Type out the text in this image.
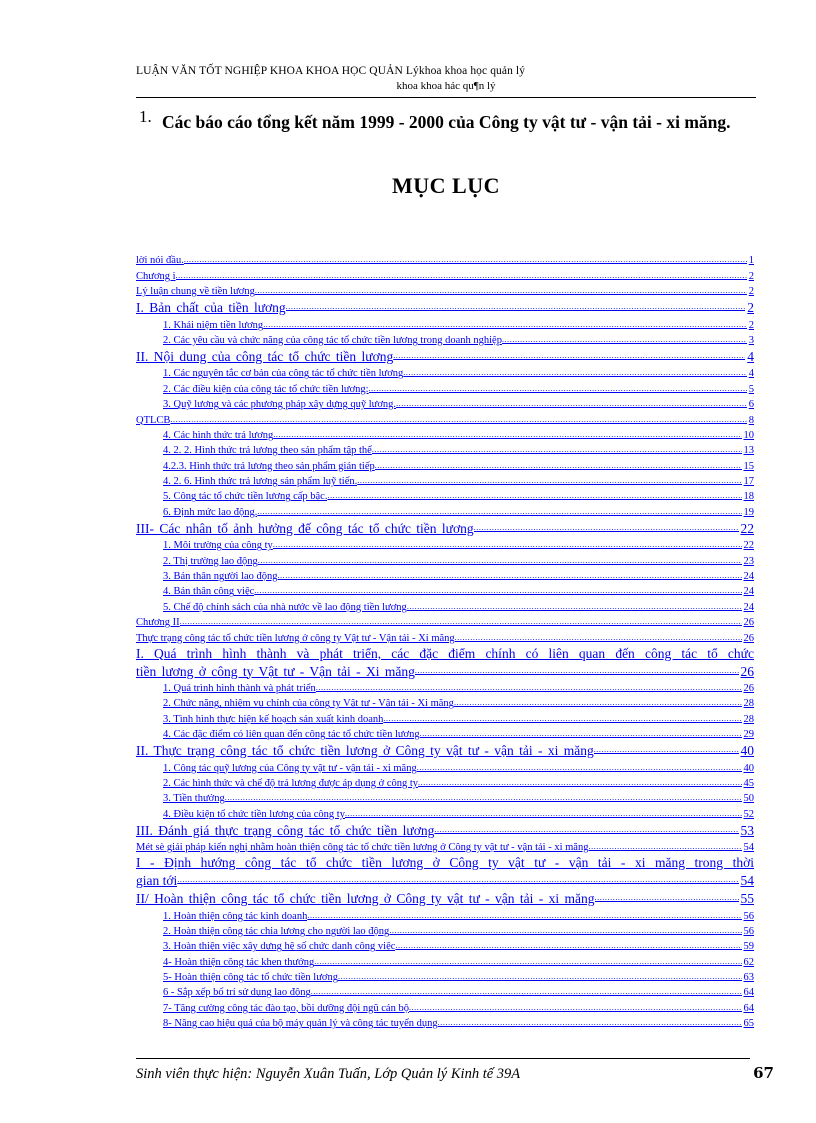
LUẬN VĂN TỐT NGHIỆP KHOA KHOA HỌC QUẢN Lýkhoa khoa học quản lý
khoa khoa hảc qu¶n lý
1. Các báo cáo tổng kết năm 1999 - 2000 của Công ty vật tư - vận tải - xi măng.
MỤC LỤC
lời nói đầu. .....	1
Chương i .....	2
Lý luận chung về tiền lương .....	2
I. Bản chất của tiền lương .....	2
1. Khái niệm tiền lương .....	2
2. Các yêu cầu và chức năng của công tác tổ chức tiền lương trong doanh nghiệp .....	3
II. Nội dung của công tác tổ chức tiền lương .....	4
1. Các nguyên tắc cơ bản của công tác tổ chức tiền lương .....	4
2. Các điều kiện của công tác tổ chức tiền lương: .....	5
3. Quỹ lương và các phương pháp xây dựng quỹ lương. .....	6
QTLCB .....	8
4. Các hình thức trả lương .....	10
4. 2. 2. Hình thức trả lương theo sản phẩm tập thể .....	13
4.2.3. Hình thức trả lương theo sản phẩm gián tiếp .....	15
4. 2. 6. Hình thức trả lương sản phẩm luỹ tiến. .....	17
5. Công tác tổ chức tiền lương cấp bậc. .....	18
6. Định mức lao động. .....	19
III- Các nhân tố ảnh hưởng đế công tác tổ chức tiền lương .....	22
1. Môi trường của công ty .....	22
2. Thị trường lao động .....	23
3. Bản thân người lao động .....	24
4. Bản thân công việc .....	24
5. Chế độ chính sách của nhà nước về lao động tiền lương .....	24
Chương II .....	26
Thực trạng công tác tổ chức tiền lương ở công ty Vật tư - Vận tải - Xi măng .....	26
I. Quá trình hình thành và phát triển, các đặc điểm chính có liên quan đến công tác tổ chức
tiền lương ở công ty Vật tư - Vận tải - Xi măng .....	26
1. Quá trình hình thành và phát triển .....	26
2. Chức năng, nhiệm vụ chính của công ty Vật tư - Vận tải - Xi măng .....	28
3. Tình hình thực hiện kế hoạch sản xuất kinh doanh .....	28
4. Các đặc điểm có liên quan đến công tác tổ chức tiền lương .....	29
II. Thực trạng công tác tổ chức tiền lương ở Công ty vật tư - vận tải - xi măng .....	40
1. Công tác quỹ lương của Công ty vật tư - vận tải - xi măng .....	40
2. Các hình thức và chế độ trả lương được áp dụng ở công ty .....	45
3. Tiền thưởng .....	50
4. Điều kiện tổ chức tiền lương của công ty .....	52
III. Đánh giá thực trạng công tác tổ chức tiền lương .....	53
Mét sè giải pháp kiến nghị nhằm hoàn thiện công tác tổ chức tiền lương ở Công ty vật tư - vận tải - xi măng .....	54
I - Định hướng công tác tổ chức tiền lương ở Công ty vật tư - vận tải - xi măng trong thời
gian tới .....	54
II/ Hoàn thiện công tác tổ chức tiền lương ở Công ty vật tư - vận tải - xi măng .....	55
1. Hoàn thiện công tác kinh doanh .....	56
2. Hoàn thiện công tác chia lương cho người lao động .....	56
3. Hoàn thiện việc xây dựng hệ số chức danh công việc .....	59
4- Hoàn thiện công tác khen thưởng .....	62
5- Hoàn thiện công tác tổ chức tiền lương .....	63
6 - Sắp xếp bố trí sử dụng lao động .....	64
7- Tăng cường công tác đào tạo, bồi dưỡng đội ngũ cán bộ .....	64
8- Nâng cao hiệu quả của bộ máy quản lý và công tác tuyển dụng .....	65
Sinh viên thực hiện: Nguyễn Xuân Tuấn, Lớp Quản lý Kinh tế 39A	67
